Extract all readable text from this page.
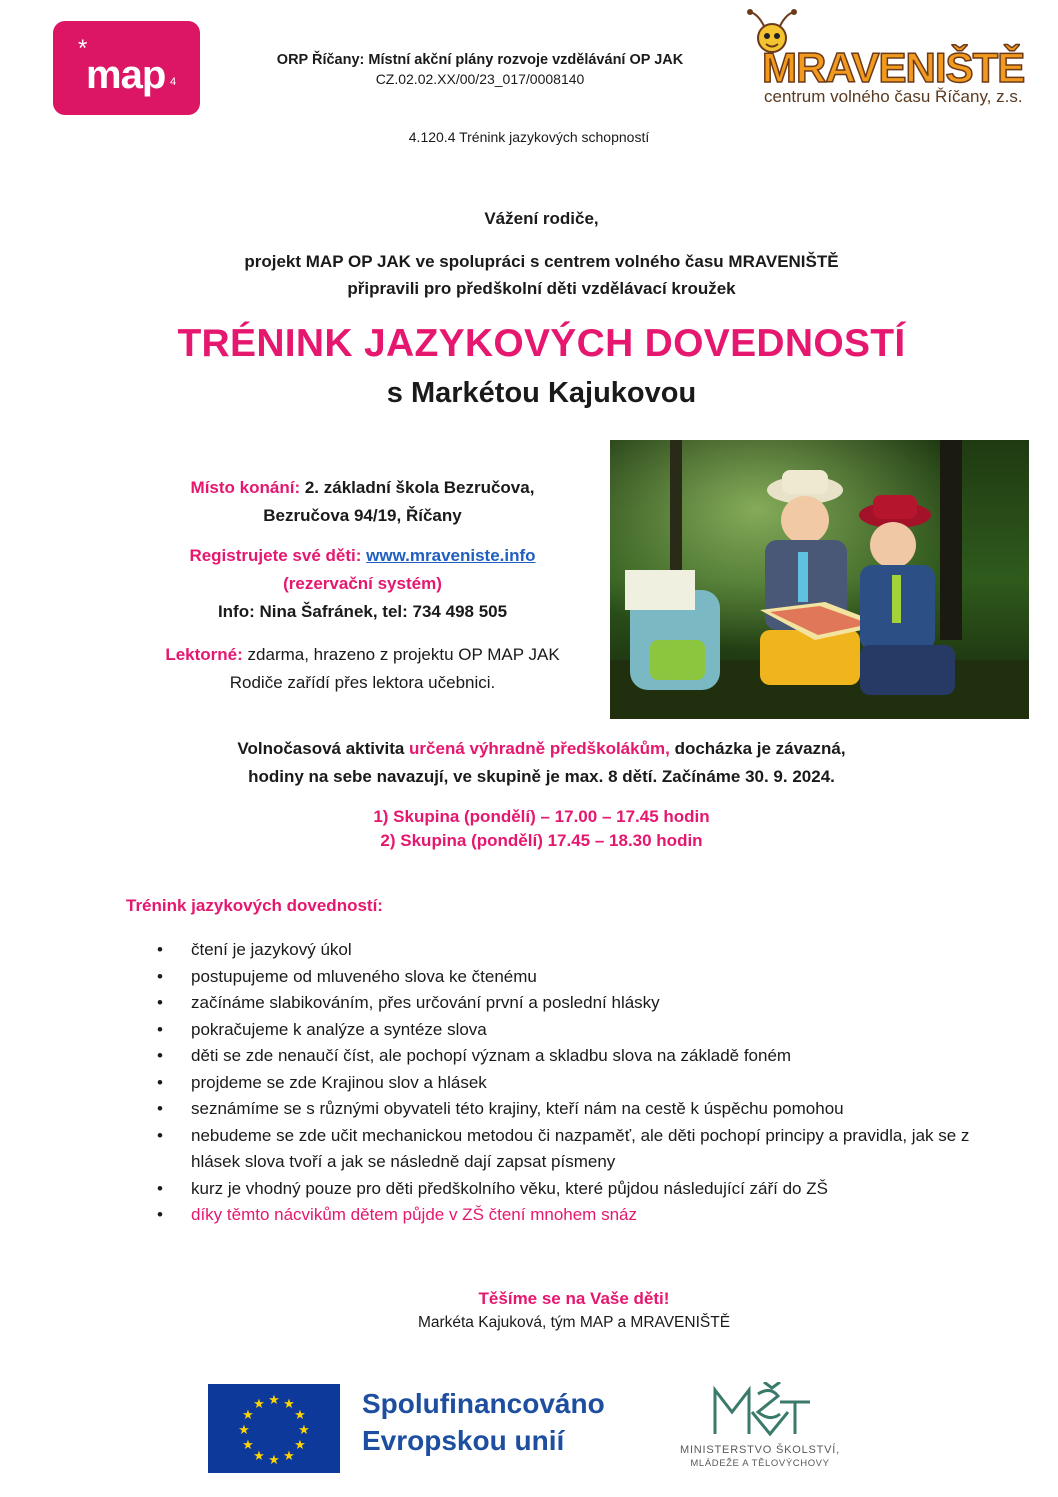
*
map 4
ORP Říčany: Místní akční plány rozvoje vzdělávání OP JAK
CZ.02.02.XX/00/23_017/0008140	MRAVENIŠTĚ
centrum volného času Říčany, z.s.
4.120.4 Trénink jazykových schopností
Vážení rodiče,
projekt MAP OP JAK ve spolupráci s centrem volného času MRAVENIŠTĚ
připravili pro předškolní děti vzdělávací kroužek
TRÉNINK JAZYKOVÝCH DOVEDNOSTÍ
s Markétou Kajukovou
Místo konání: 2. základní škola Bezručova,
Bezručova 94/19, Říčany
Registrujete své děti: www.mraveniste.info
(rezervační systém)
Info: Nina Šafránek, tel: 734 498 505
Lektorné: zdarma, hrazeno z projektu OP MAP JAK
Rodiče zařídí přes lektora učebnici.
Volnočasová aktivita určená výhradně předškolákům, docházka je závazná,
hodiny na sebe navazují, ve skupině je max. 8 dětí. Začínáme 30. 9. 2024.
1) Skupina (pondělí) – 17.00 – 17.45 hodin
2) Skupina (pondělí) 17.45 – 18.30 hodin
Trénink jazykových dovedností:
• čtení je jazykový úkol
• postupujeme od mluveného slova ke čtenému
• začínáme slabikováním, přes určování první a poslední hlásky
• pokračujeme k analýze a syntéze slova
• děti se zde nenaučí číst, ale pochopí význam a skladbu slova na základě foném
• projdeme se zde Krajinou slov a hlásek
• seznámíme se s různými obyvateli této krajiny, kteří nám na cestě k úspěchu pomohou
• nebudeme se zde učit mechanickou metodou či nazpaměť, ale děti pochopí principy a pravidla, jak se z hlásek slova tvoří a jak se následně dají zapsat písmeny
• kurz je vhodný pouze pro děti předškolního věku, které půjdou následující září do ZŠ
• díky těmto nácvikům dětem půjde v ZŠ čtení mnohem snáz
Těšíme se na Vaše děti!
Markéta Kajuková, tým MAP a MRAVENIŠTĚ
★ ★
★
★
★
★
★
★
★
★
★
★	Spolufinancováno
Evropskou unií	MINISTERSTVO ŠKOLSTVÍ,
MLÁDEŽE A TĚLOVÝCHOVY
